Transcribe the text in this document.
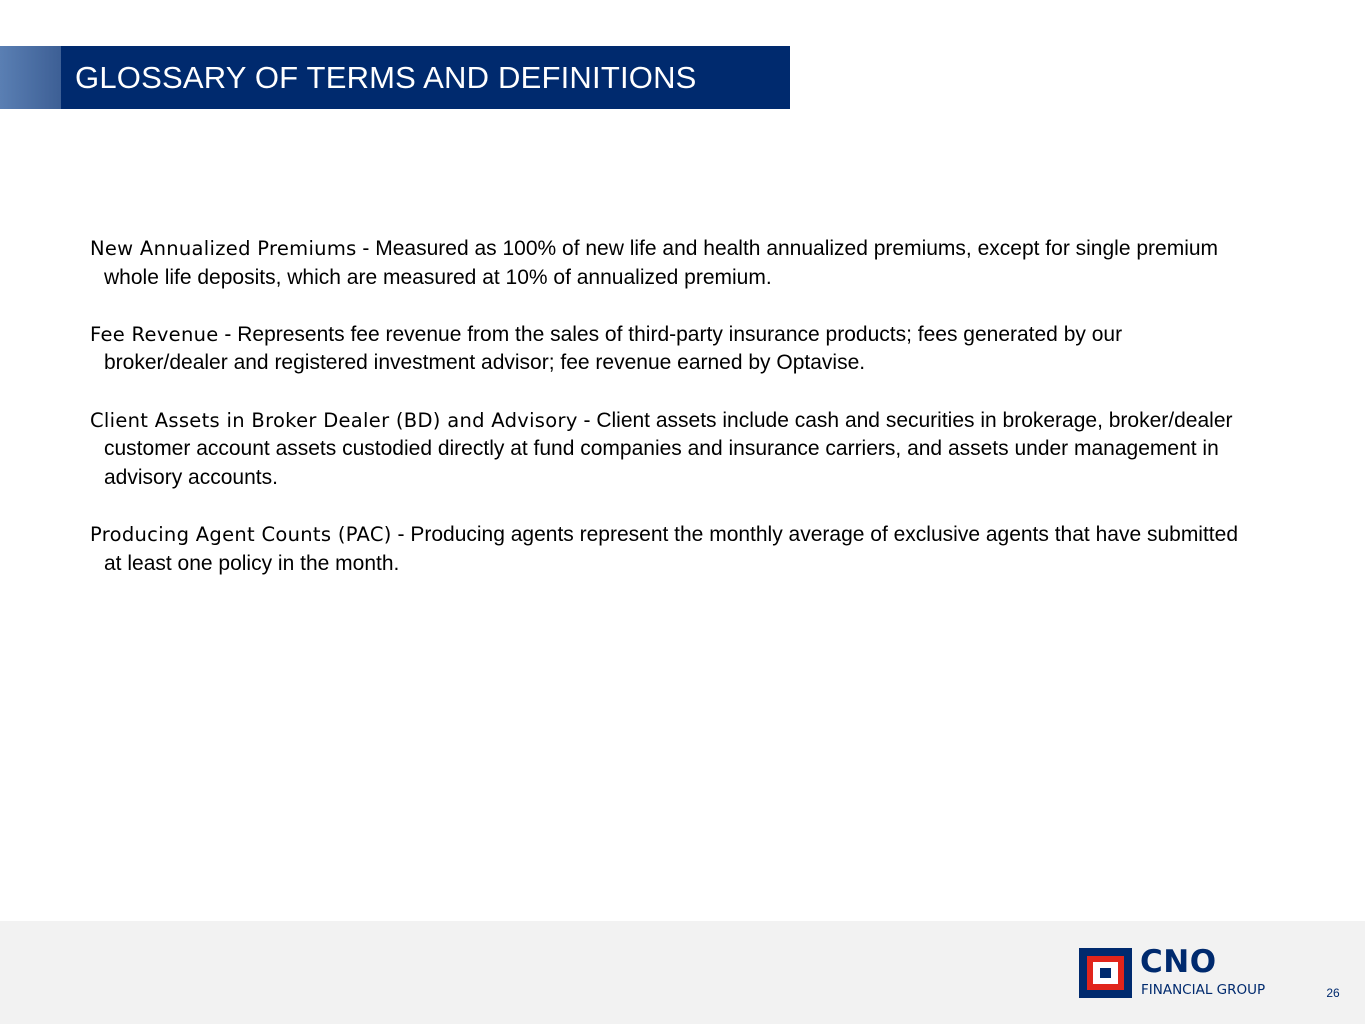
GLOSSARY OF TERMS AND DEFINITIONS

New Annualized Premiums - Measured as 100% of new life and health annualized premiums, except for single premium whole life deposits, which are measured at 10% of annualized premium.

Fee Revenue - Represents fee revenue from the sales of third-party insurance products; fees generated by our broker/dealer and registered investment advisor; fee revenue earned by Optavise.

Client Assets in Broker Dealer (BD) and Advisory - Client assets include cash and securities in brokerage, broker/dealer customer account assets custodied directly at fund companies and insurance carriers, and assets under management in advisory accounts.

Producing Agent Counts (PAC) - Producing agents represent the monthly average of exclusive agents that have submitted at least one policy in the month.

CNO
FINANCIAL GROUP	26
